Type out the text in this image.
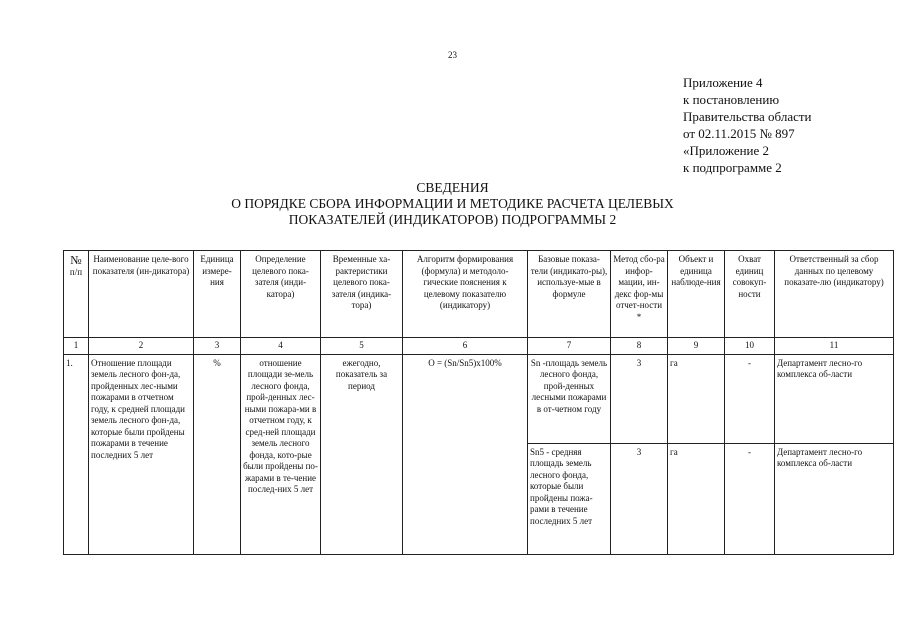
23
Приложение 4
к постановлению
Правительства области
от 02.11.2015 № 897
«Приложение 2
к подпрограмме 2
СВЕДЕНИЯ
О ПОРЯДКЕ СБОРА ИНФОРМАЦИИ И МЕТОДИКЕ РАСЧЕТА ЦЕЛЕВЫХ
ПОКАЗАТЕЛЕЙ (ИНДИКАТОРОВ) ПОДРОГРАММЫ 2
№
п/п	Наименование целе-вого показателя (ин-дикатора)	Единица измере-ния	Определение целевого пока-зателя (инди-катора)	Временные ха-рактеристики целевого пока-зателя (индика-тора)	Алгоритм формирования (формула) и методоло-гические пояснения к целевому показателю (индикатору)	Базовые показа-тели (индикато-ры), используе-мые в формуле	Метод сбо-ра инфор-мации, ин-декс фор-мы отчет-ности *	Объект и единица наблюде-ния	Охват единиц совокуп-ности	Ответственный за сбор данных по целевому показате-лю (индикатору)
1	2	3	4	5	6	7	8	9	10	11
1.	Отношение площади земель лесного фон-да, пройденных лес-ными пожарами в отчетном году, к средней площади земель лесного фон-да, которые были пройдены пожарами в течение последних 5 лет	%	отношение площади зе-мель лесного фонда, прой-денных лес-ными пожара-ми в отчетном году, к сред-ней площади земель лесного фонда, кото-рые были пройдены по-жарами в те-чение послед-них 5 лет	ежегодно, показатель за период	О = (Sn/Sn5)x100%	Sn -площадь земель лесного фонда, прой-денных лесными пожарами в от-четном году	3	га	-	Департамент лесно-го комплекса об-ласти
						Sn5 - средняя площадь земель лесного фонда, которые были пройдены пожа-рами в течение последних 5 лет	3	га	-	Департамент лесно-го комплекса об-ласти
